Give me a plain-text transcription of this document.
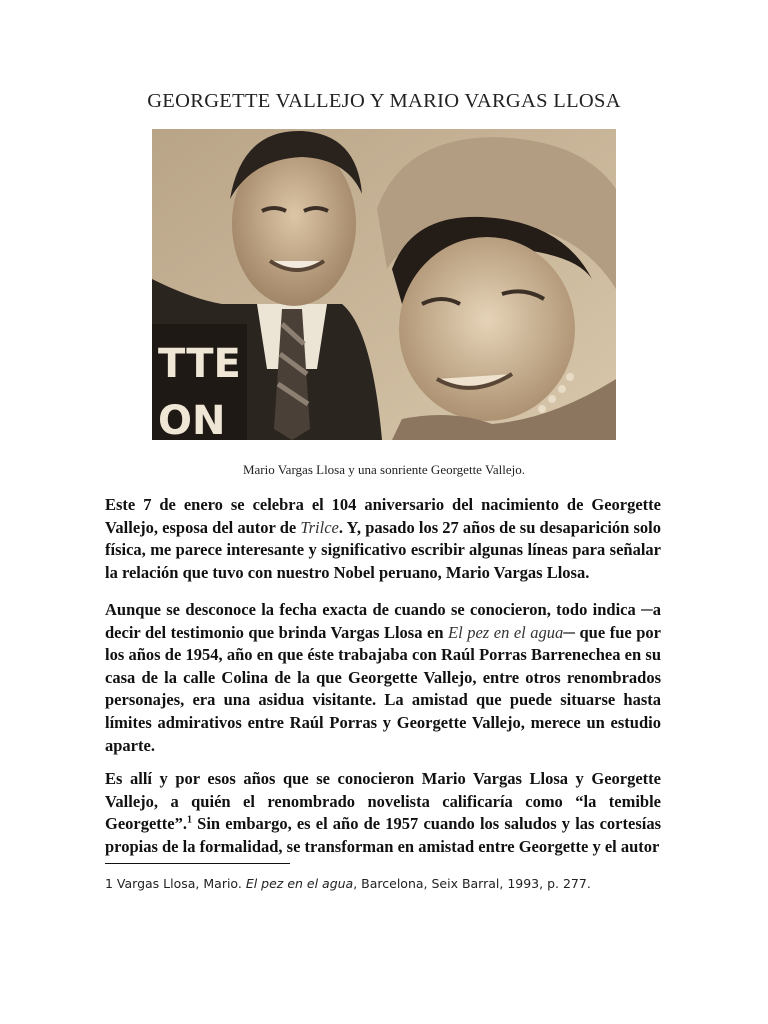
GEORGETTE VALLEJO Y MARIO VARGAS LLOSA
TTE
ON
Mario Vargas Llosa y una sonriente Georgette Vallejo.

Este 7 de enero se celebra el 104 aniversario del nacimiento de Georgette Vallejo, esposa del autor de Trilce. Y, pasado los 27 años de su desaparición solo física, me parece interesante y significativo escribir algunas líneas para señalar la relación que tuvo con nuestro Nobel peruano, Mario Vargas Llosa.

Aunque se desconoce la fecha exacta de cuando se conocieron, todo indica ─a decir del testimonio que brinda Vargas Llosa en El pez en el agua─ que fue por los años de 1954, año en que éste trabajaba con Raúl Porras Barrenechea en su casa de la calle Colina de la que Georgette Vallejo, entre otros renombrados personajes, era una asidua visitante. La amistad que puede situarse hasta límites admirativos entre Raúl Porras y Georgette Vallejo, merece un estudio aparte.

Es allí y por esos años que se conocieron Mario Vargas Llosa y Georgette Vallejo, a quién el renombrado novelista calificaría como “la temible Georgette”.$^1$ Sin embargo, es el año de 1957 cuando los saludos y las cortesías propias de la formalidad, se transforman en amistad entre Georgette y el autor

1 Vargas Llosa, Mario. El pez en el agua, Barcelona, Seix Barral, 1993, p. 277.
